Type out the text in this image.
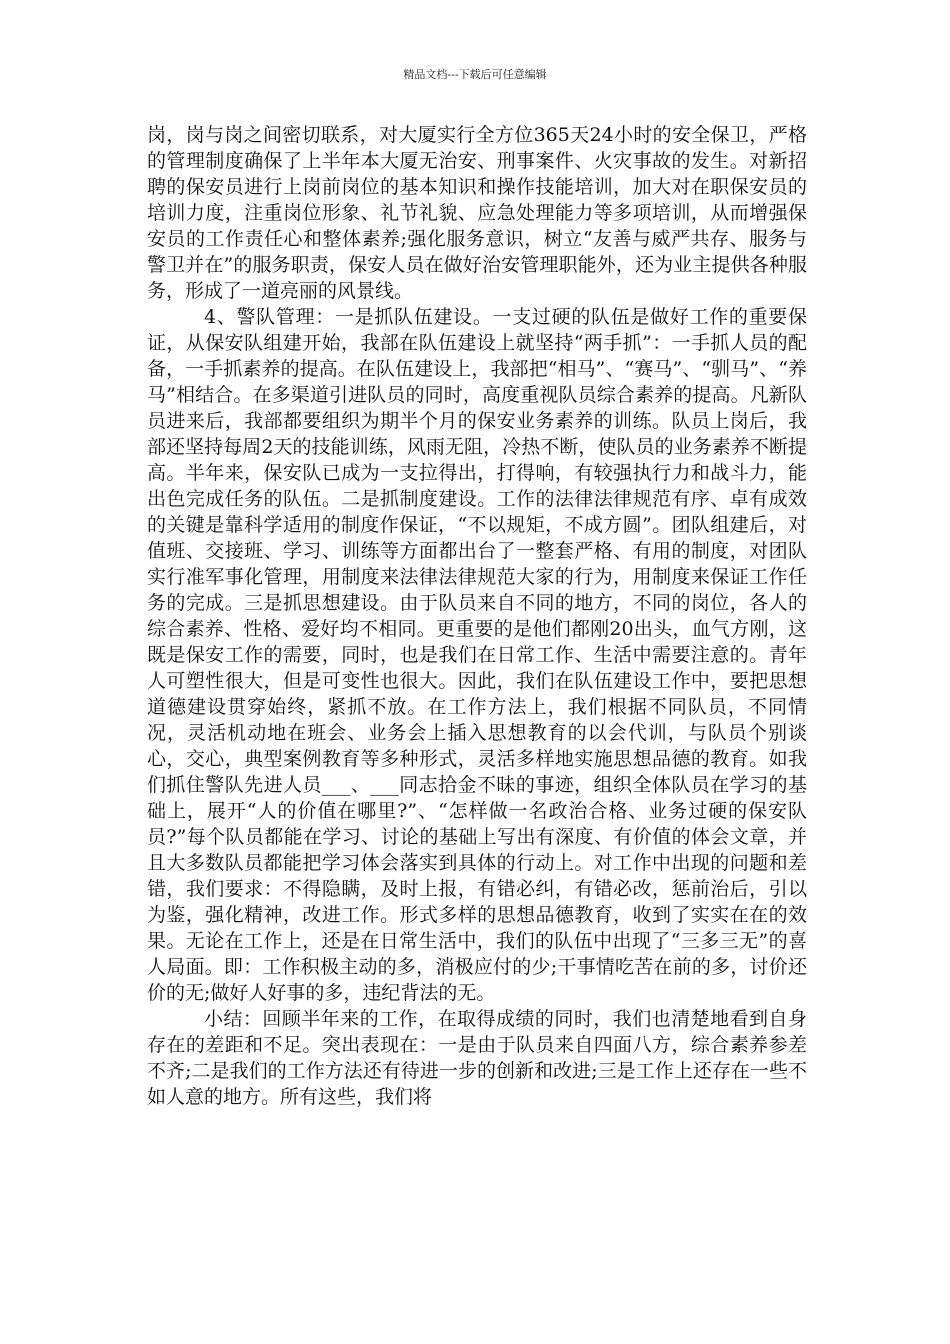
精品文档---下载后可任意编辑

岗，岗与岗之间密切联系，对大厦实行全方位365天24小时的安全保卫，严格的管理制度确保了上半年本大厦无治安、刑事案件、火灾事故的发生。对新招聘的保安员进行上岗前岗位的基本知识和操作技能培训，加大对在职保安员的培训力度，注重岗位形象、礼节礼貌、应急处理能力等多项培训，从而增强保安员的工作责任心和整体素养;强化服务意识，树立“友善与威严共存、服务与警卫并在”的服务职责，保安人员在做好治安管理职能外，还为业主提供各种服务，形成了一道亮丽的风景线。

4、警队管理：一是抓队伍建设。一支过硬的队伍是做好工作的重要保证，从保安队组建开始，我部在队伍建设上就坚持“两手抓”：一手抓人员的配备，一手抓素养的提高。在队伍建设上，我部把“相马”、“赛马”、“驯马”、“养马”相结合。在多渠道引进队员的同时，高度重视队员综合素养的提高。凡新队员进来后，我部都要组织为期半个月的保安业务素养的训练。队员上岗后，我部还坚持每周2天的技能训练，风雨无阻，冷热不断，使队员的业务素养不断提高。半年来，保安队已成为一支拉得出，打得响，有较强执行力和战斗力，能出色完成任务的队伍。二是抓制度建设。工作的法律法律规范有序、卓有成效的关键是靠科学适用的制度作保证，“不以规矩，不成方圆”。团队组建后，对值班、交接班、学习、训练等方面都出台了一整套严格、有用的制度，对团队实行准军事化管理，用制度来法律法律规范大家的行为，用制度来保证工作任务的完成。三是抓思想建设。由于队员来自不同的地方，不同的岗位，各人的综合素养、性格、爱好均不相同。更重要的是他们都刚20出头，血气方刚，这既是保安工作的需要，同时，也是我们在日常工作、生活中需要注意的。青年人可塑性很大，但是可变性也很大。因此，我们在队伍建设工作中，要把思想道德建设贯穿始终，紧抓不放。在工作方法上，我们根据不同队员，不同情况，灵活机动地在班会、业务会上插入思想教育的以会代训，与队员个别谈心，交心，典型案例教育等多种形式，灵活多样地实施思想品德的教育。如我们抓住警队先进人员___、___同志拾金不昧的事迹，组织全体队员在学习的基础上，展开“人的价值在哪里?”、“怎样做一名政治合格、业务过硬的保安队员?”每个队员都能在学习、讨论的基础上写出有深度、有价值的体会文章，并且大多数队员都能把学习体会落实到具体的行动上。对工作中出现的问题和差错，我们要求：不得隐瞒，及时上报，有错必纠，有错必改，惩前治后，引以为鉴，强化精神，改进工作。形式多样的思想品德教育，收到了实实在在的效果。无论在工作上，还是在日常生活中，我们的队伍中出现了“三多三无”的喜人局面。即：工作积极主动的多，消极应付的少;干事情吃苦在前的多，讨价还价的无;做好人好事的多，违纪背法的无。

小结：回顾半年来的工作，在取得成绩的同时，我们也清楚地看到自身存在的差距和不足。突出表现在：一是由于队员来自四面八方，综合素养参差不齐;二是我们的工作方法还有待进一步的创新和改进;三是工作上还存在一些不如人意的地方。所有这些，我们将
